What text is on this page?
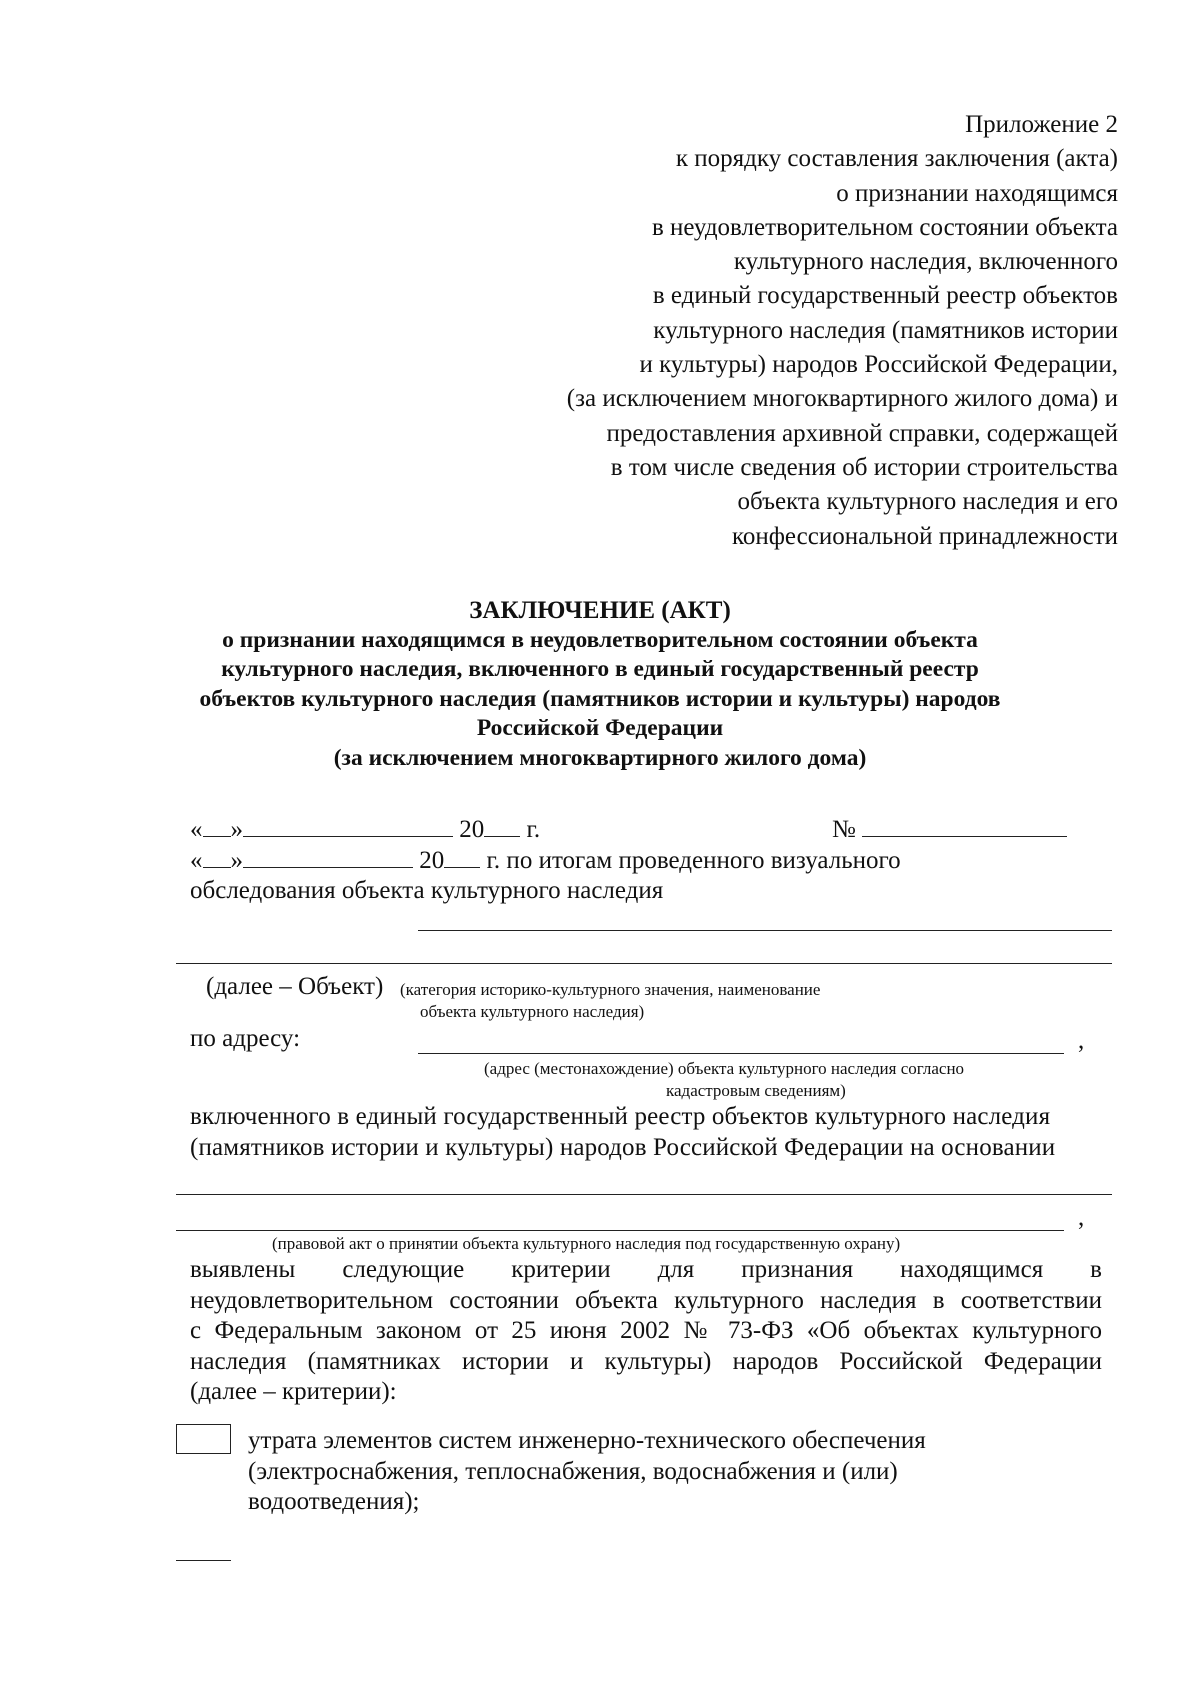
Приложение 2
к порядку составления заключения (акта)
о признании находящимся
в неудовлетворительном состоянии объекта
культурного наследия, включенного
в единый государственный реестр объектов
культурного наследия (памятников истории
и культуры) народов Российской Федерации,
(за исключением многоквартирного жилого дома) и
предоставления архивной справки, содержащей
в том числе сведения об истории строительства
объекта культурного наследия и его
конфессиональной принадлежности
ЗАКЛЮЧЕНИЕ (АКТ)
о признании находящимся в неудовлетворительном состоянии объекта
культурного наследия, включенного в единый государственный реестр
объектов культурного наследия (памятников истории и культуры) народов
Российской Федерации
(за исключением многоквартирного жилого дома)
« »	20 г.	№
« »	20 г. по итогам проведенного визуального
обследования объекта культурного наследия
(далее – Объект) (категория историко-культурного значения, наименование
объекта культурного наследия)
по адресу:	,
(адрес (местонахождение) объекта культурного наследия согласно
кадастровым сведениям)
включенного в единый государственный реестр объектов культурного наследия
(памятников истории и культуры) народов Российской Федерации на основании
,
(правовой акт о принятии объекта культурного наследия под государственную охрану)
выявлены следующие критерии для признания находящимся в
неудовлетворительном состоянии объекта культурного наследия в соответствии
с Федеральным законом от 25 июня 2002 № 73-ФЗ «Об объектах культурного
наследия (памятниках истории и культуры) народов Российской Федерации
(далее – критерии):
утрата элементов систем инженерно-технического обеспечения
(электроснабжения, теплоснабжения, водоснабжения и (или)
водоотведения);
